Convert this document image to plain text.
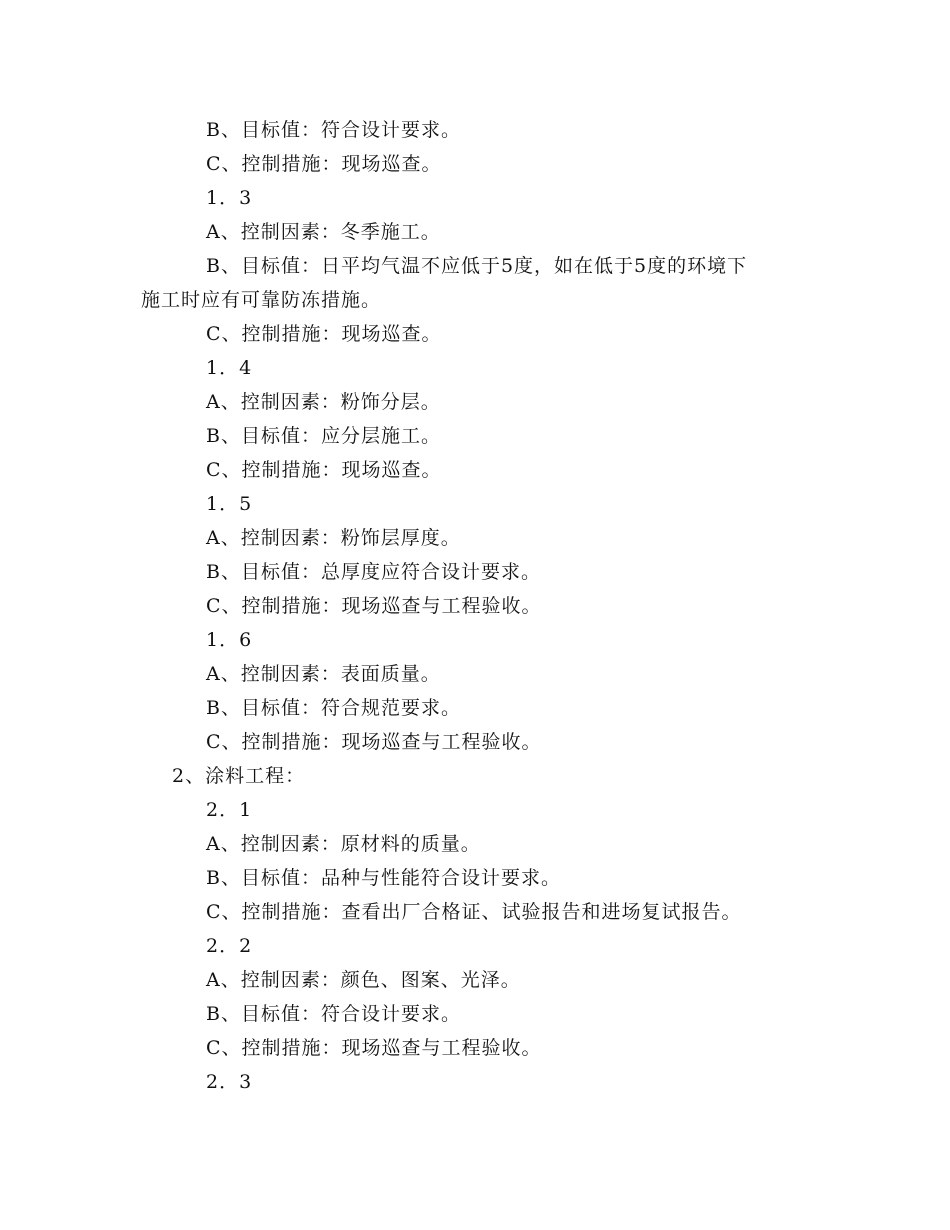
B、目标值：符合设计要求。

C、控制措施：现场巡查。

1．3

A、控制因素：冬季施工。

B、目标值：日平均气温不应低于5度，如在低于5度的环境下

施工时应有可靠防冻措施。

C、控制措施：现场巡查。

1．4

A、控制因素：粉饰分层。

B、目标值：应分层施工。

C、控制措施：现场巡查。

1．5

A、控制因素：粉饰层厚度。

B、目标值：总厚度应符合设计要求。

C、控制措施：现场巡查与工程验收。

1．6

A、控制因素：表面质量。

B、目标值：符合规范要求。

C、控制措施：现场巡查与工程验收。

2、涂料工程：

2．1

A、控制因素：原材料的质量。

B、目标值：品种与性能符合设计要求。

C、控制措施：查看出厂合格证、试验报告和进场复试报告。

2．2

A、控制因素：颜色、图案、光泽。

B、目标值：符合设计要求。

C、控制措施：现场巡查与工程验收。

2．3
